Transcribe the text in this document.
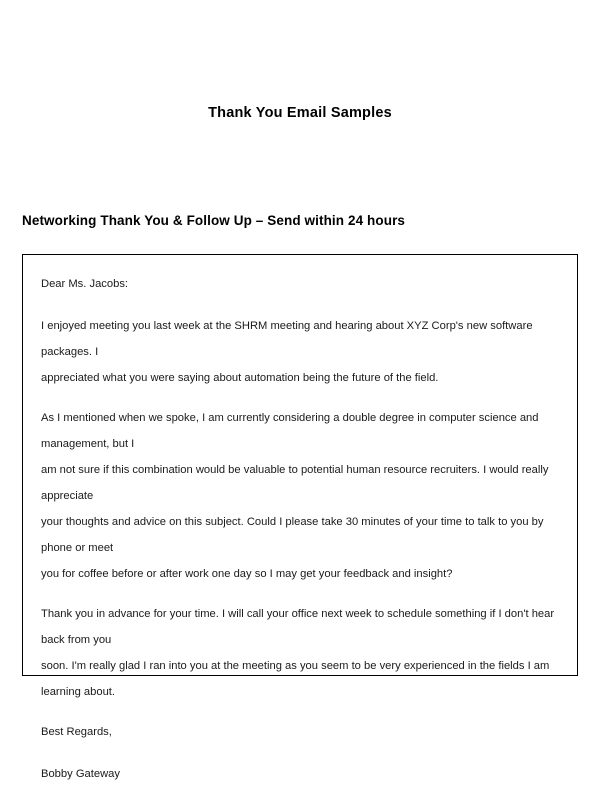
Thank You Email Samples
Networking Thank You & Follow Up – Send within 24 hours

Dear Ms. Jacobs:

I enjoyed meeting you last week at the SHRM meeting and hearing about XYZ Corp's new software packages. I

appreciated what you were saying about automation being the future of the field.

As I mentioned when we spoke, I am currently considering a double degree in computer science and management, but I

am not sure if this combination would be valuable to potential human resource recruiters. I would really appreciate

your thoughts and advice on this subject. Could I please take 30 minutes of your time to talk to you by phone or meet

you for coffee before or after work one day so I may get your feedback and insight?

Thank you in advance for your time. I will call your office next week to schedule something if I don't hear back from you

soon. I'm really glad I ran into you at the meeting as you seem to be very experienced in the fields I am learning about.

Best Regards,

Bobby Gateway
